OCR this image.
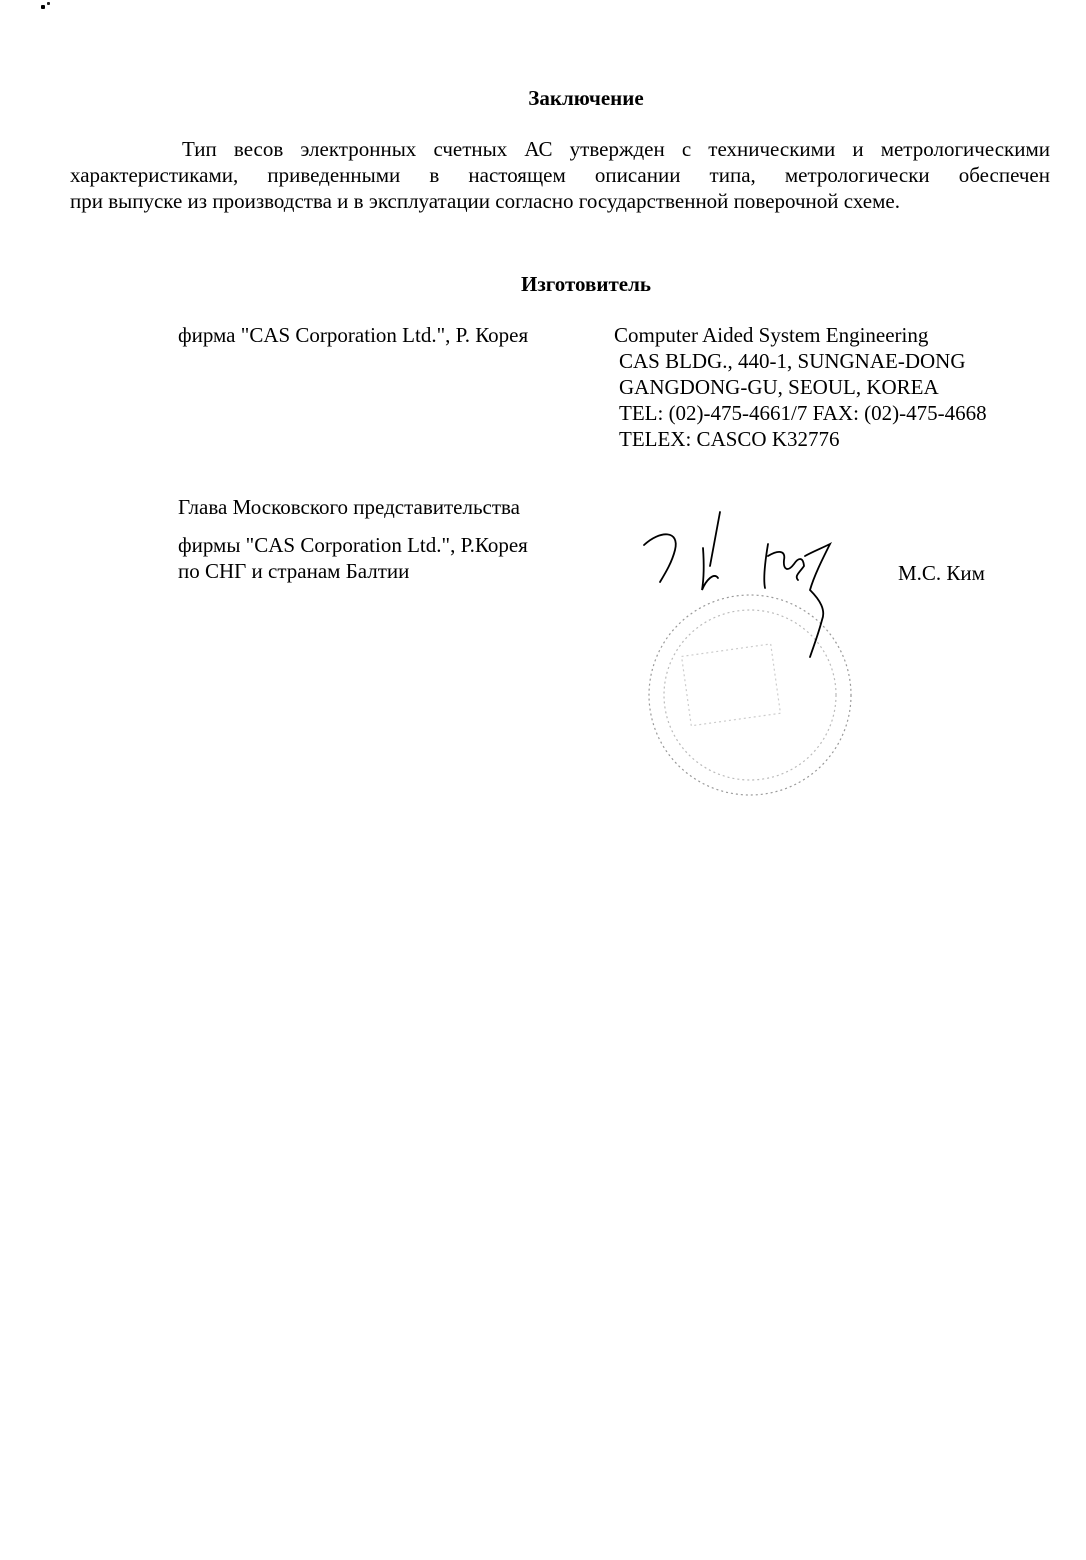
Заключение
Тип весов электронных счетных АС утвержден с техническими и метрологическими
характеристиками, приведенными в настоящем описании типа, метрологически обеспечен
при выпуске из производства и в эксплуатации согласно государственной поверочной схеме.
Изготовитель
фирма "CAS Corporation Ltd.", Р. Корея	Computer Aided System Engineering
CAS BLDG., 440-1, SUNGNAE-DONG
GANGDONG-GU, SEOUL, KOREA
TEL: (02)-475-4661/7 FAX: (02)-475-4668
TELEX: CASCO K32776
Глава Московского представительства
фирмы "CAS Corporation Ltd.", Р.Корея
по СНГ и странам Балтии	М.С. Ким
